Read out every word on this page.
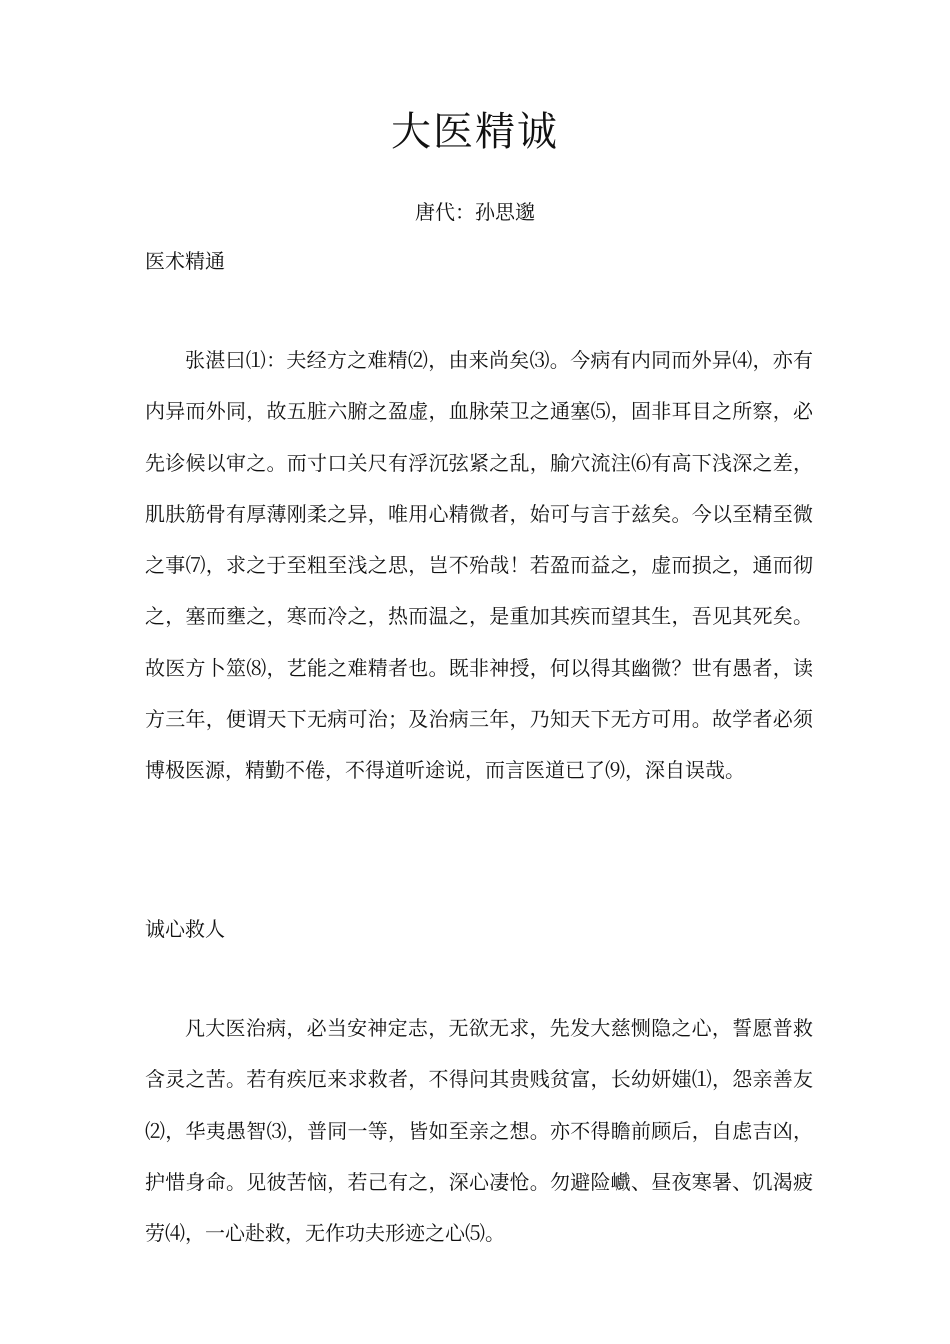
大医精诚
唐代：孙思邈
医术精通

张湛曰⑴：夫经方之难精⑵，由来尚矣⑶。今病有内同而外异⑷，亦有内异而外同，故五脏六腑之盈虚，血脉荣卫之通塞⑸，固非耳目之所察，必先诊候以审之。而寸口关尺有浮沉弦紧之乱，腧穴流注⑹有高下浅深之差，肌肤筋骨有厚薄刚柔之异，唯用心精微者，始可与言于兹矣。今以至精至微之事⑺，求之于至粗至浅之思，岂不殆哉！若盈而益之，虚而损之，通而彻之，塞而壅之，寒而冷之，热而温之，是重加其疾而望其生，吾见其死矣。故医方卜筮⑻，艺能之难精者也。既非神授，何以得其幽微？世有愚者，读方三年，便谓天下无病可治；及治病三年，乃知天下无方可用。故学者必须博极医源，精勤不倦，不得道听途说，而言医道已了⑼，深自误哉。

诚心救人

凡大医治病，必当安神定志，无欲无求，先发大慈恻隐之心，誓愿普救含灵之苦。若有疾厄来求救者，不得问其贵贱贫富，长幼妍媸⑴，怨亲善友⑵，华夷愚智⑶，普同一等，皆如至亲之想。亦不得瞻前顾后，自虑吉凶，护惜身命。见彼苦恼，若己有之，深心凄怆。勿避险巇、昼夜寒暑、饥渴疲劳⑷，一心赴救，无作功夫形迹之心⑸。
